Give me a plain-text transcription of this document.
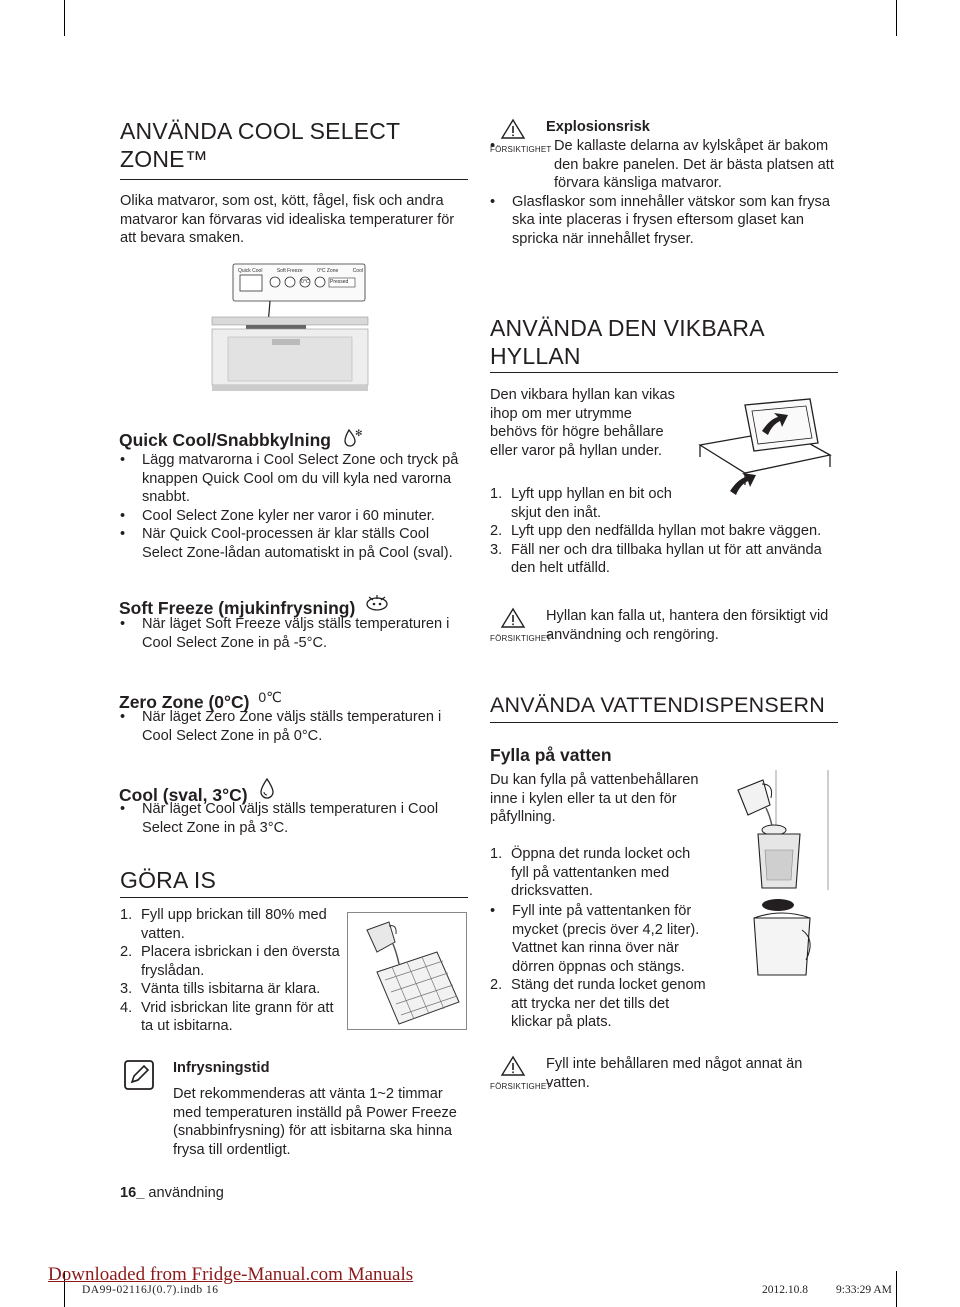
ANVÄNDA COOL SELECT
ZONE™
Olika matvaror, som ost, kött, fågel, fisk och andra matvaror kan förvaras vid idealiska temperaturer för att bevara smaken.
Quick Cool	Soft Freeze	0°C Zone	Cool
0℃	Pressed
Quick Cool/Snabbkylning	✻
• Lägg matvarorna i Cool Select Zone och tryck på knappen Quick Cool om du vill kyla ned varorna snabbt.
• Cool Select Zone kyler ner varor i 60 minuter.
• När Quick Cool-processen är klar ställs Cool Select Zone-lådan automatiskt in på Cool (sval).
Soft Freeze (mjukinfrysning)
• När läget Soft Freeze väljs ställs temperaturen i Cool Select Zone in på -5°C.
Zero Zone (0°C) 0℃
• När läget Zero Zone väljs ställs temperaturen i Cool Select Zone in på 0°C.
Cool (sval, 3°C)
• När läget Cool väljs ställs temperaturen i Cool Select Zone in på 3°C.
GÖRA IS
1. Fyll upp brickan till 80% med vatten.
2. Placera isbrickan i den översta fryslådan.
3. Vänta tills isbitarna är klara.
4. Vrid isbrickan lite grann för att ta ut isbitarna.
Infrysningstid
Det rekommenderas att vänta 1~2 timmar med temperaturen inställd på Power Freeze (snabbinfrysning) för att isbitarna ska hinna frysa till ordentligt.
16_ användning
FÖRSIKTIGHET
Explosionsrisk
• De kallaste delarna av kylskåpet är bakom den bakre panelen. Det är bästa platsen att förvara känsliga matvaror.
• Glasflaskor som innehåller vätskor som kan frysa ska inte placeras i frysen eftersom glaset kan spricka när innehållet fryser.
ANVÄNDA DEN VIKBARA
HYLLAN
Den vikbara hyllan kan vikas ihop om mer utrymme behövs för högre behållare eller varor på hyllan under.
1. Lyft upp hyllan en bit och skjut den inåt.
2. Lyft upp den nedfällda hyllan mot bakre väggen.
3. Fäll ner och dra tillbaka hyllan ut för att använda den helt utfälld.
FÖRSIKTIGHET
Hyllan kan falla ut, hantera den försiktigt vid användning och rengöring.
ANVÄNDA VATTENDISPENSERN
Fylla på vatten
Du kan fylla på vattenbehållaren inne i kylen eller ta ut den för påfyllning.
1. Öppna det runda locket och fyll på vattentanken med dricksvatten.
• Fyll inte på vattentanken för mycket (precis över 4,2 liter). Vattnet kan rinna över när dörren öppnas och stängs.
2. Stäng det runda locket genom att trycka ner det tills det klickar på plats.
FÖRSIKTIGHET
Fyll inte behållaren med något annat än vatten.
Downloaded from Fridge-Manual.com Manuals
DA99-02116J(0.7).indb 16	2012.10.8 9:33:29 AM
